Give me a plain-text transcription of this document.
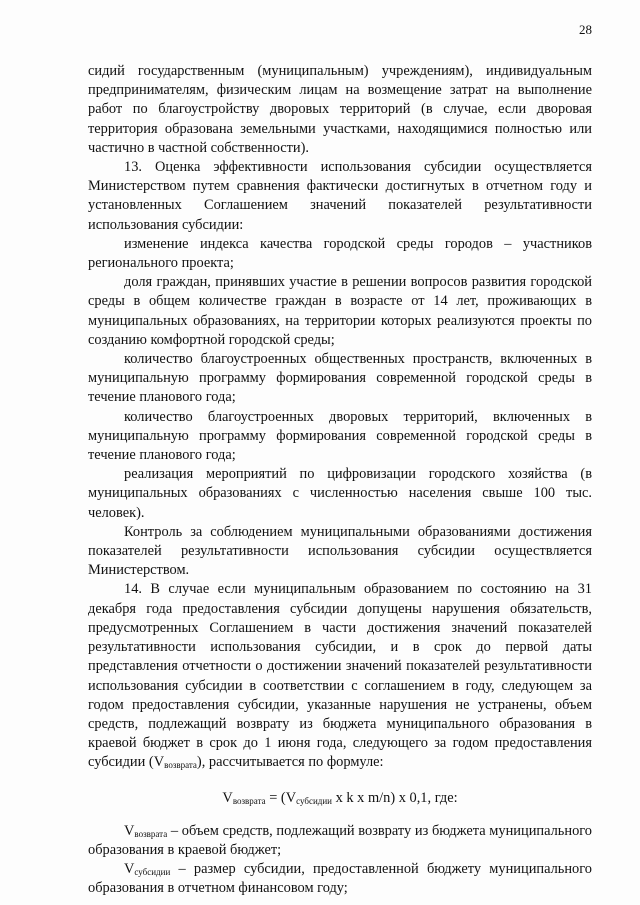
28

сидий государственным (муниципальным) учреждениям), индивидуальным предпринимателям, физическим лицам на возмещение затрат на выполнение работ по благоустройству дворовых территорий (в случае, если дворовая территория образована земельными участками, находящимися полностью или частично в частной собственности).

13. Оценка эффективности использования субсидии осуществляется Министерством путем сравнения фактически достигнутых в отчетном году и установленных Соглашением значений показателей результативности использования субсидии:

изменение индекса качества городской среды городов – участников регионального проекта;

доля граждан, принявших участие в решении вопросов развития городской среды в общем количестве граждан в возрасте от 14 лет, проживающих в муниципальных образованиях, на территории которых реализуются проекты по созданию комфортной городской среды;

количество благоустроенных общественных пространств, включенных в муниципальную программу формирования современной городской среды в течение планового года;

количество благоустроенных дворовых территорий, включенных в муниципальную программу формирования современной городской среды в течение планового года;

реализация мероприятий по цифровизации городского хозяйства (в муниципальных образованиях с численностью населения свыше 100 тыс. человек).

Контроль за соблюдением муниципальными образованиями достижения показателей результативности использования субсидии осуществляется Министерством.

14. В случае если муниципальным образованием по состоянию на 31 декабря года предоставления субсидии допущены нарушения обязательств, предусмотренных Соглашением в части достижения значений показателей результативности использования субсидии, и в срок до первой даты представления отчетности о достижении значений показателей результативности использования субсидии в соответствии с соглашением в году, следующем за годом предоставления субсидии, указанные нарушения не устранены, объем средств, подлежащий возврату из бюджета муниципального образования в краевой бюджет в срок до 1 июня года, следующего за годом предоставления субсидии $(V_{возврата})$, рассчитывается по формуле:

$V_{возврата} = (V_{субсидии}$ x k x m/n) x 0,1, где:

$V_{возврата}$ – объем средств, подлежащий возврату из бюджета муниципального образования в краевой бюджет;

$V_{субсидии}$ – размер субсидии, предоставленной бюджету муниципального образования в отчетном финансовом году;
